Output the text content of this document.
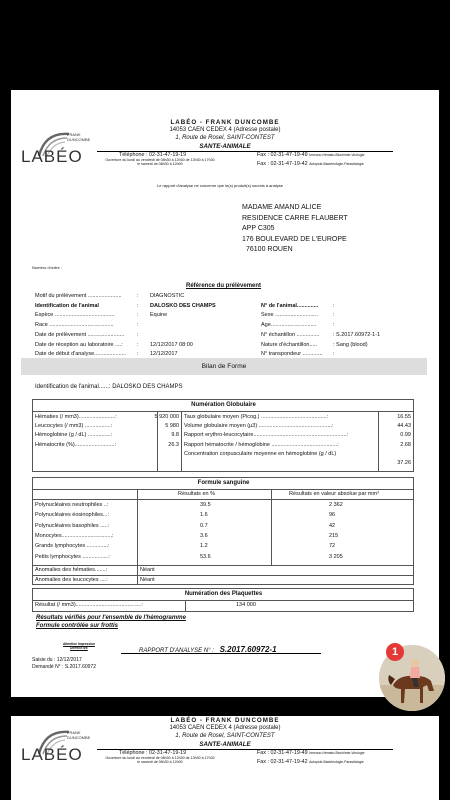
FRANK
DUNCOMBE
LABÉO
LABÉO - FRANK DUNCOMBE
14053 CAEN CEDEX 4 (Adresse postale)
1, Route de Rosel, SAINT-CONTEST
SANTE-ANIMALE
Téléphone : 02-31-47-19-19
Ouverture du lundi au vendredi de 08h30 à 12h30 de 13h30 à 17h30
le samedi de 08h30 à 12h00
Fax : 02-31-47-19-49 Immuno-Hémato-Biochimie-Virologie
Fax : 02-31-47-19-42 Autopsie-Bactériologie-Parasitologie
Le rapport d'analyse ne concerne que le(s) produit(s) soumis à analyse
MADAME AMAND ALICE
RESIDENCE CARRE FLAUBERT
APP C305
176 BOULEVARD DE L'EUROPE
76100 ROUEN
Numéro d'ordre :
Référence du prélèvement
Motif du prélèvement ......................	: DIAGNOSTIC
Identification de l'animal	: DALOSKO DES CHAMPS
Espèce .......................................	: Equine
Race ..........................................	:
Date de prélèvement ........................ :
Date de réception au laboratoire ....:	: 12/12/2017 08:00
Date de début d'analyse..................... : 12/12/2017
N° de l'animal..............	:
Sexe ............................	:
Age..............................	:
N° échantillon ............... : S.2017.60972-1-1
Nature d'échantillon.....	: Sang (blood)
N° transpondeur ............. :
Bilan de Forme
Identification de l'animal......: DALOSKO DES CHAMPS
Numération Globulaire
Hématies (/ mm3)........................:	5 920 000
Leucocytes (/ mm3) .................:	5 980
Hémoglobine (g / dL) ...............:	9.8
Hématocrite (%)..........................:	26.3
Taux globulaire moyen (Picog.) ...........................................:	16.55
Volume globulaire moyen (µ3) ................................................:	44.43
Rapport erythro-leucocytaire.............................................................:	0.99
Rapport hématocrite / hémoglobine ...........................................:	2.68
Concentration corpusculaire moyenne en hémoglobine (g / dL)
37.26
Formule sanguine
Résultats en %	Résultats en valeur absolue par mm³
Polynucléaires neutrophiles ..:	39.5	2 362
Polynucléaires éosinophiles...:	1.6	96
Polynucléaires basophiles .....:	0.7	42
Monocytes.................................:	3.6	215
Grands lymphocytes ..............:	1.2	72
Petits lymphocytes .................:	53.6	3 205
Anomalies des hématies.......:	Néant
Anomalies des leucocytes ....:	Néant
Numération des Plaquettes
Résultat (/ mm3)...........................................:	134 000
Résultats vérifiés pour l'ensemble de l'hémogramme
Formule contrôlée sur frottis
Attention Impression
DEFINITIVE
RAPPORT D'ANALYSE N° : S.2017.60972-1
Saisie du : 12/12/2017
Demandé N° : S.2017.60972
FRANK
DUNCOMBE
LABÉO
LABÉO - FRANK DUNCOMBE
14053 CAEN CEDEX 4 (Adresse postale)
1, Route de Rosel, SAINT-CONTEST
SANTE-ANIMALE
Téléphone : 02-31-47-19-19
Ouverture du lundi au vendredi de 08h30 à 12h30 de 13h30 à 17h30
le samedi de 08h30 à 12h00
Fax : 02-31-47-19-49 Immuno-Hémato-Biochimie-Virologie
Fax : 02-31-47-19-42 Autopsie-Bactériologie-Parasitologie
1
